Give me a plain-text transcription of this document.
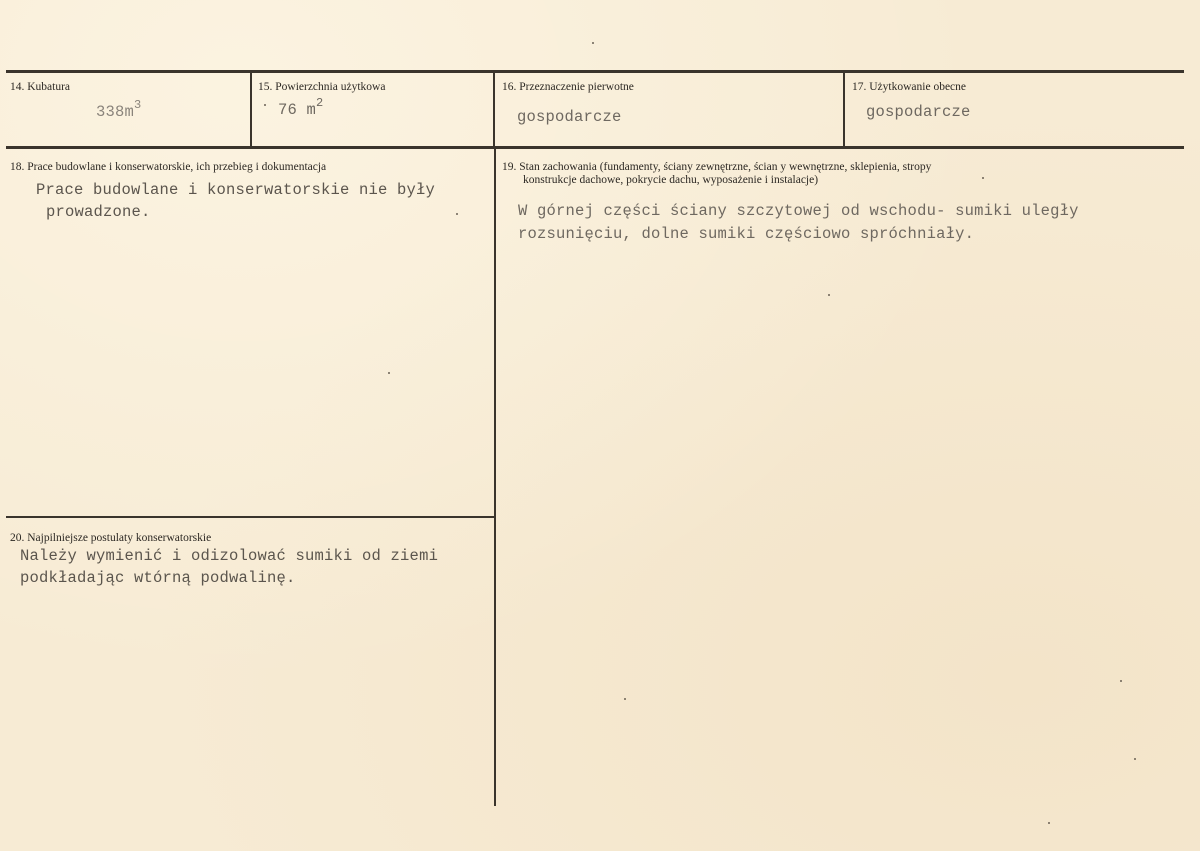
14. Kubatura
$338m^3$
15. Powierzchnia użytkowa
76 $m^2$
16. Przeznaczenie pierwotne
gospodarcze
17. Użytkowanie obecne
gospodarcze
18. Prace budowlane i konserwatorskie, ich przebieg i dokumentacja
Prace budowlane i konserwatorskie nie były
prowadzone.
19. Stan zachowania (fundamenty, ściany zewnętrzne, ścian y wewnętrzne, sklepienia, stropy
konstrukcje dachowe, pokrycie dachu, wyposażenie i instalacje)
W górnej części ściany szczytowej od wschodu- sumiki uległy
rozsunięciu, dolne sumiki częściowo spróchniały.
20. Najpilniejsze postulaty konserwatorskie
Należy wymienić i odizolować sumiki od ziemi
podkładając wtórną podwalinę.
